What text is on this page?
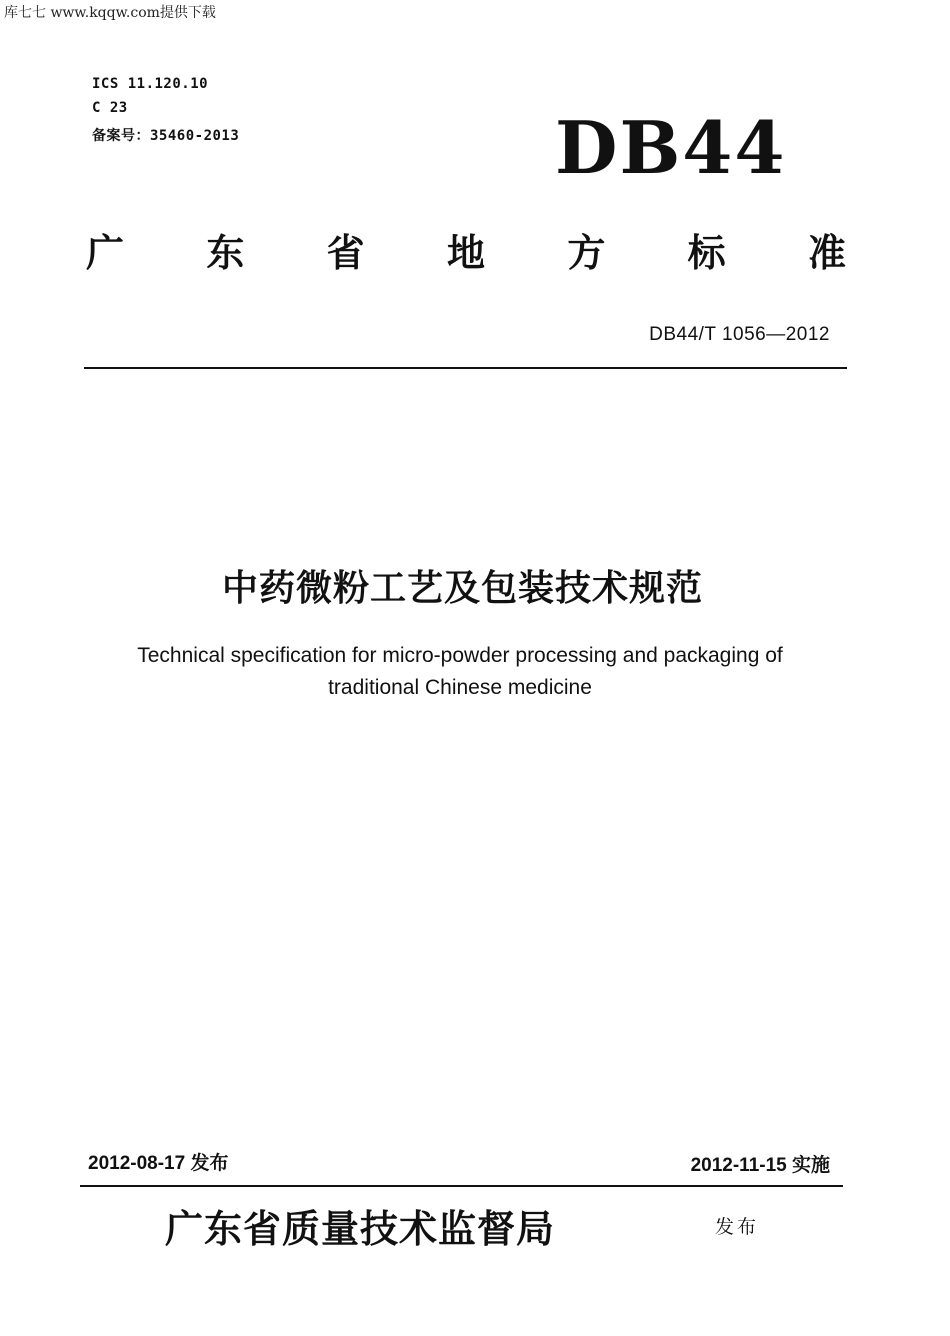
库七七 www.kqqw.com提供下载
ICS 11.120.10
C 23
备案号：35460-2013	DB44
广 东 省 地 方 标 准
DB44/T 1056—2012
中药微粉工艺及包装技术规范
Technical specification for micro-powder processing and packaging of
traditional Chinese medicine
2012-08-17 发布	2012-11-15 实施
广东省质量技术监督局	发布
